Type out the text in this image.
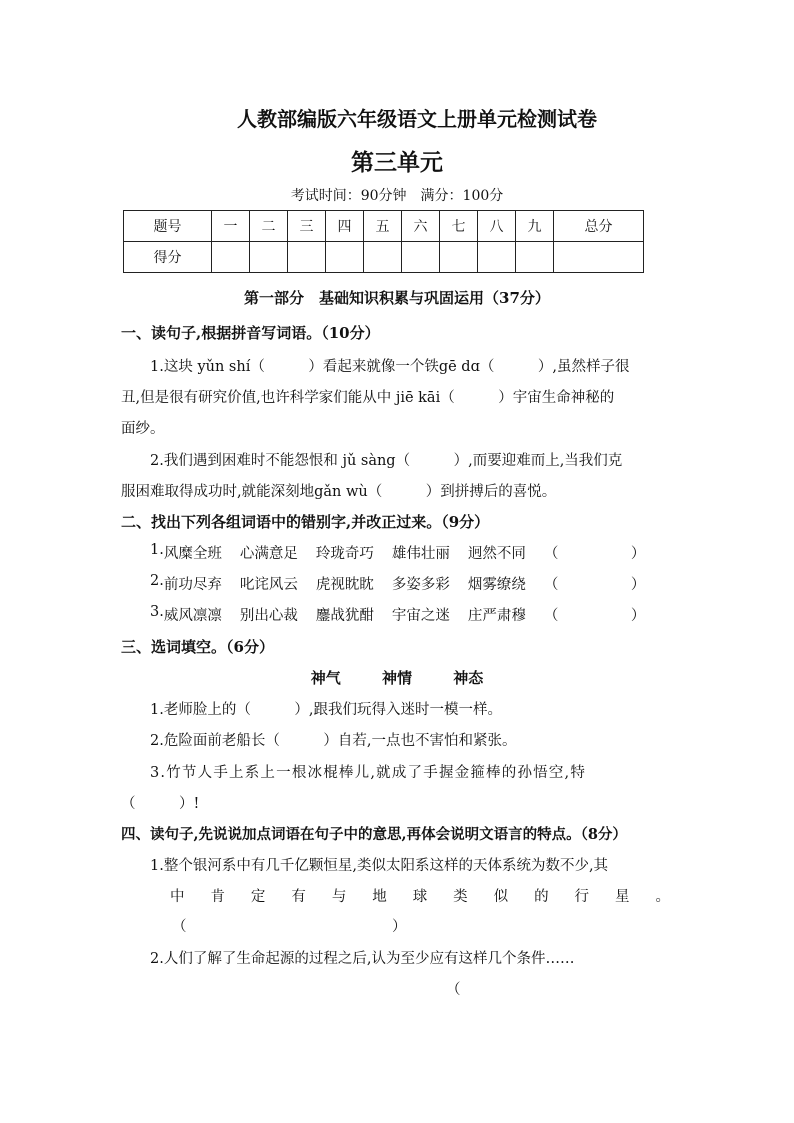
人教部编版六年级语文上册单元检测试卷
第三单元
考试时间：90分钟　满分：100分
题号	一	二	三	四	五	六	七	八	九	总分
得分										
第一部分　基础知识积累与巩固运用（37分）
一、读句子,根据拼音写词语。（10分）
1.这块 yǔn shí（　　　）看起来就像一个铁gē dɑ（　　　）,虽然样子很
丑,但是很有研究价值,也许科学家们能从中 jiē kāi（　　　）宇宙生命神秘的
面纱。
2.我们遇到困难时不能怨恨和 jǔ sàng（　　　）,而要迎难而上,当我们克
服困难取得成功时,就能深刻地gǎn wù（　　　）到拼搏后的喜悦。
二、找出下列各组词语中的错别字,并改正过来。（9分）
1. 风糜全班 心满意足 玲珑奇巧 雄伟壮丽 迥然不同 （　　　　　）
2. 前功尽弃 叱诧风云 虎视眈眈 多姿多彩 烟雾缭绕 （　　　　　）
3. 威风凛凛 别出心裁 鏖战犹酣 宇宙之迷 庄严肃穆 （　　　　　）
三、选词填空。（6分）
神气	神情	神态
1.老师脸上的（　　　）,跟我们玩得入迷时一模一样。
2.危险面前老船长（　　　）自若,一点也不害怕和紧张。
3.竹节人手上系上一根冰棍棒儿,就成了手握金箍棒的孙悟空,特
（　　　）!
四、读句子,先说说加点词语在句子中的意思,再体会说明文语言的特点。（8分）
1.整个银河系中有几千亿颗恒星,类似太阳系这样的天体系统为数不少,其
中 肯 定 有 与 地 球 类 似 的 行 星 。
（	）
2.人们了解了生命起源的过程之后,认为至少应有这样几个条件……
（
